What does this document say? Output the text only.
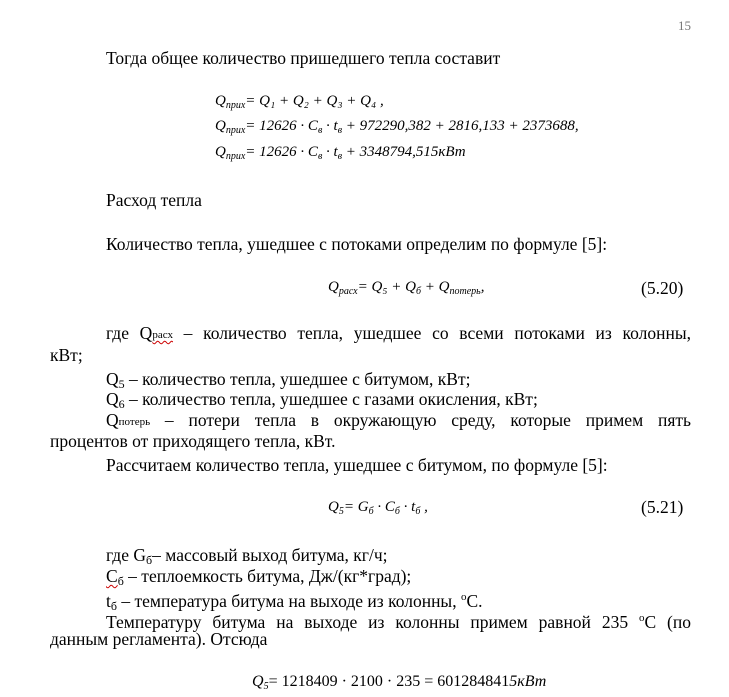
15
Тогда общее количество пришедшего тепла составит
$Q_{прих}= Q_1 + Q_2 + Q_3 + Q_4$ ,
$Q_{прих}= 12626 \cdot C_в \cdot t_в + 972290,382 + 2816,133 + 2373688$,
$Q_{прих}= 12626 \cdot C_в \cdot t_в + 3348794,515кВт$
Расход тепла
Количество тепла, ушедшее с потоками определим по формуле [5]:
$Q_{расх}= Q_5 + Q_б + Q_{потерь}$,	(5.20)
где Qрасх – количество тепла, ушедшее со всеми потоками из колонны,
кВт;
$Q_5$ – количество тепла, ушедшее с битумом, кВт;
$Q_6$ – количество тепла, ушедшее с газами окисления, кВт;
Qпотерь – потери тепла в окружающую среду, которые примем пять
процентов от приходящего тепла, кВт.
Рассчитаем количество тепла, ушедшее с битумом, по формуле [5]:
$Q_5= G_б \cdot C_б \cdot t_б$ ,	(5.21)
где $G_б-$ массовый выход битума, кг/ч;
$C_б$ – теплоемкость битума, Дж/(кг*град);
$t_б$ – температура битума на выходе из колонны, $^о$С.
Температуру битума на выходе из колонны примем равной 235 $^о$С (по
данным регламента). Отсюда
$Q_5= 1218409 \cdot 2100 \cdot 235 = 6012848415кВт$
